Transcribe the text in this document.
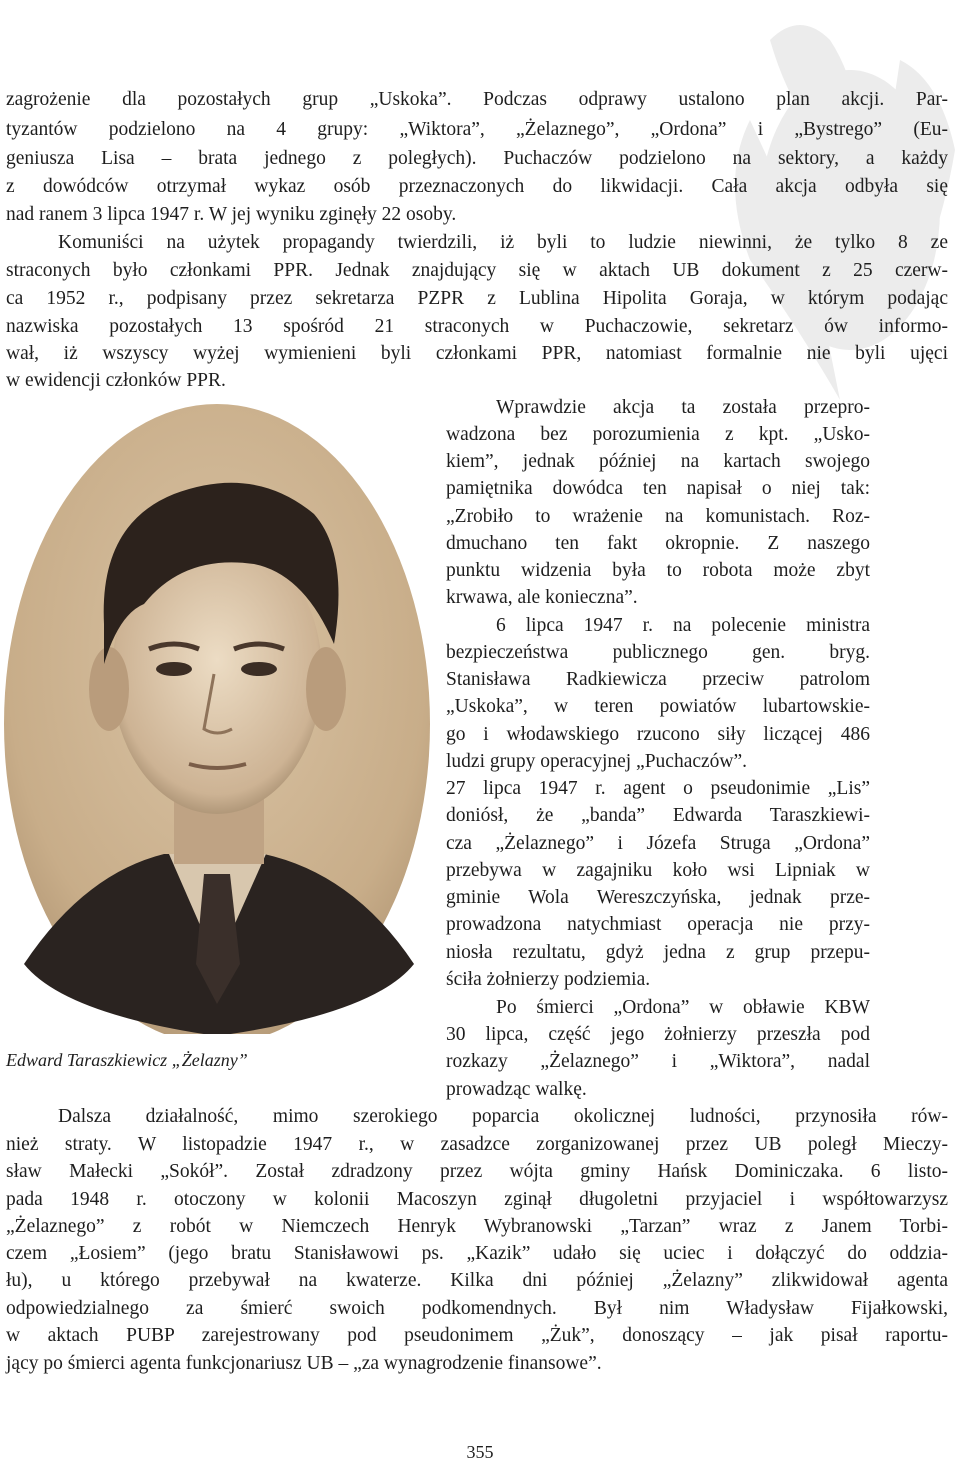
zagrożenie dla pozostałych grup „Uskoka”. Podczas odprawy ustalono plan akcji. Par-
tyzantów podzielono na 4 grupy: „Wiktora”, „Żelaznego”, „Ordona” i „Bystrego” (Eu-
geniusza Lisa – brata jednego z poległych). Puchaczów podzielono na sektory, a każdy
z dowódców otrzymał wykaz osób przeznaczonych do likwidacji. Cała akcja odbyła się
nad ranem 3 lipca 1947 r. W jej wyniku zginęły 22 osoby.
Komuniści na użytek propagandy twierdzili, iż byli to ludzie niewinni, że tylko 8 ze
straconych było członkami PPR. Jednak znajdujący się w aktach UB dokument z 25 czerw-
ca 1952 r., podpisany przez sekretarza PZPR z Lublina Hipolita Goraja, w którym podając
nazwiska pozostałych 13 spośród 21 straconych w Puchaczowie, sekretarz ów informo-
wał, iż wszyscy wyżej wymienieni byli członkami PPR, natomiast formalnie nie byli ujęci
w ewidencji członków PPR.
Wprawdzie akcja ta została przepro-
wadzona bez porozumienia z kpt. „Usko-
kiem”, jednak później na kartach swojego
pamiętnika dowódca ten napisał o niej tak:
„Zrobiło to wrażenie na komunistach. Roz-
dmuchano ten fakt okropnie. Z naszego
punktu widzenia była to robota może zbyt
krwawa, ale konieczna”.
6 lipca 1947 r. na polecenie ministra
bezpieczeństwa publicznego gen. bryg.
Stanisława Radkiewicza przeciw patrolom
„Uskoka”, w teren powiatów lubartowskie-
go i włodawskiego rzucono siły liczącej 486
ludzi grupy operacyjnej „Puchaczów”.
27 lipca 1947 r. agent o pseudonimie „Lis”
doniósł, że „banda” Edwarda Taraszkiewi-
cza „Żelaznego” i Józefa Struga „Ordona”
przebywa w zagajniku koło wsi Lipniak w
gminie Wola Wereszczyńska, jednak prze-
prowadzona natychmiast operacja nie przy-
niosła rezultatu, gdyż jedna z grup przepu-
ściła żołnierzy podziemia.
Po śmierci „Ordona” w obławie KBW
30 lipca, część jego żołnierzy przeszła pod
rozkazy „Żelaznego” i „Wiktora”, nadal
prowadząc walkę.
Edward Taraszkiewicz „Żelazny”
Dalsza działalność, mimo szerokiego poparcia okolicznej ludności, przynosiła rów-
nież straty. W listopadzie 1947 r., w zasadzce zorganizowanej przez UB poległ Mieczy-
sław Małecki „Sokół”. Został zdradzony przez wójta gminy Hańsk Dominiczaka. 6 listo-
pada 1948 r. otoczony w kolonii Macoszyn zginął długoletni przyjaciel i współtowarzysz
„Żelaznego” z robót w Niemczech Henryk Wybranowski „Tarzan” wraz z Janem Torbi-
czem „Łosiem” (jego bratu Stanisławowi ps. „Kazik” udało się uciec i dołączyć do oddzia-
łu), u którego przebywał na kwaterze. Kilka dni później „Żelazny” zlikwidował agenta
odpowiedzialnego za śmierć swoich podkomendnych. Był nim Władysław Fijałkowski,
w aktach PUBP zarejestrowany pod pseudonimem „Żuk”, donoszący – jak pisał raportu-
jący po śmierci agenta funkcjonariusz UB – „za wynagrodzenie finansowe”.
355
